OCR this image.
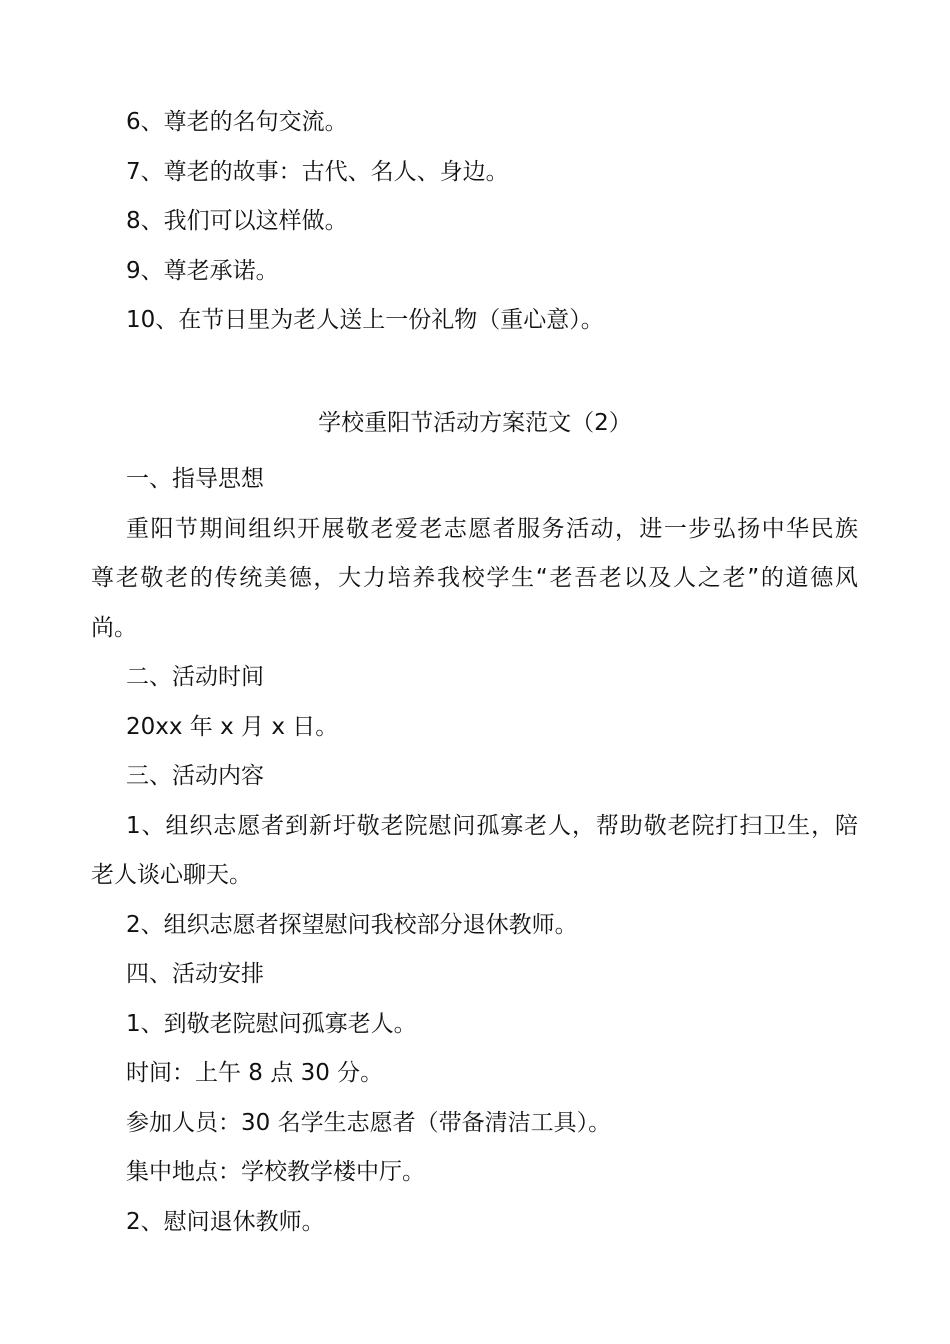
6、尊老的名句交流。
7、尊老的故事：古代、名人、身边。
8、我们可以这样做。
9、尊老承诺。
10、在节日里为老人送上一份礼物（重心意）。
学校重阳节活动方案范文（2）
一、指导思想
重阳节期间组织开展敬老爱老志愿者服务活动，进一步弘扬中华民族
尊老敬老的传统美德，大力培养我校学生“老吾老以及人之老”的道德风
尚。
二、活动时间
20xx 年 x 月 x 日。
三、活动内容
1、组织志愿者到新圩敬老院慰问孤寡老人，帮助敬老院打扫卫生，陪
老人谈心聊天。
2、组织志愿者探望慰问我校部分退休教师。
四、活动安排
1、到敬老院慰问孤寡老人。
时间：上午 8 点 30 分。
参加人员：30 名学生志愿者（带备清洁工具）。
集中地点：学校教学楼中厅。
2、慰问退休教师。
